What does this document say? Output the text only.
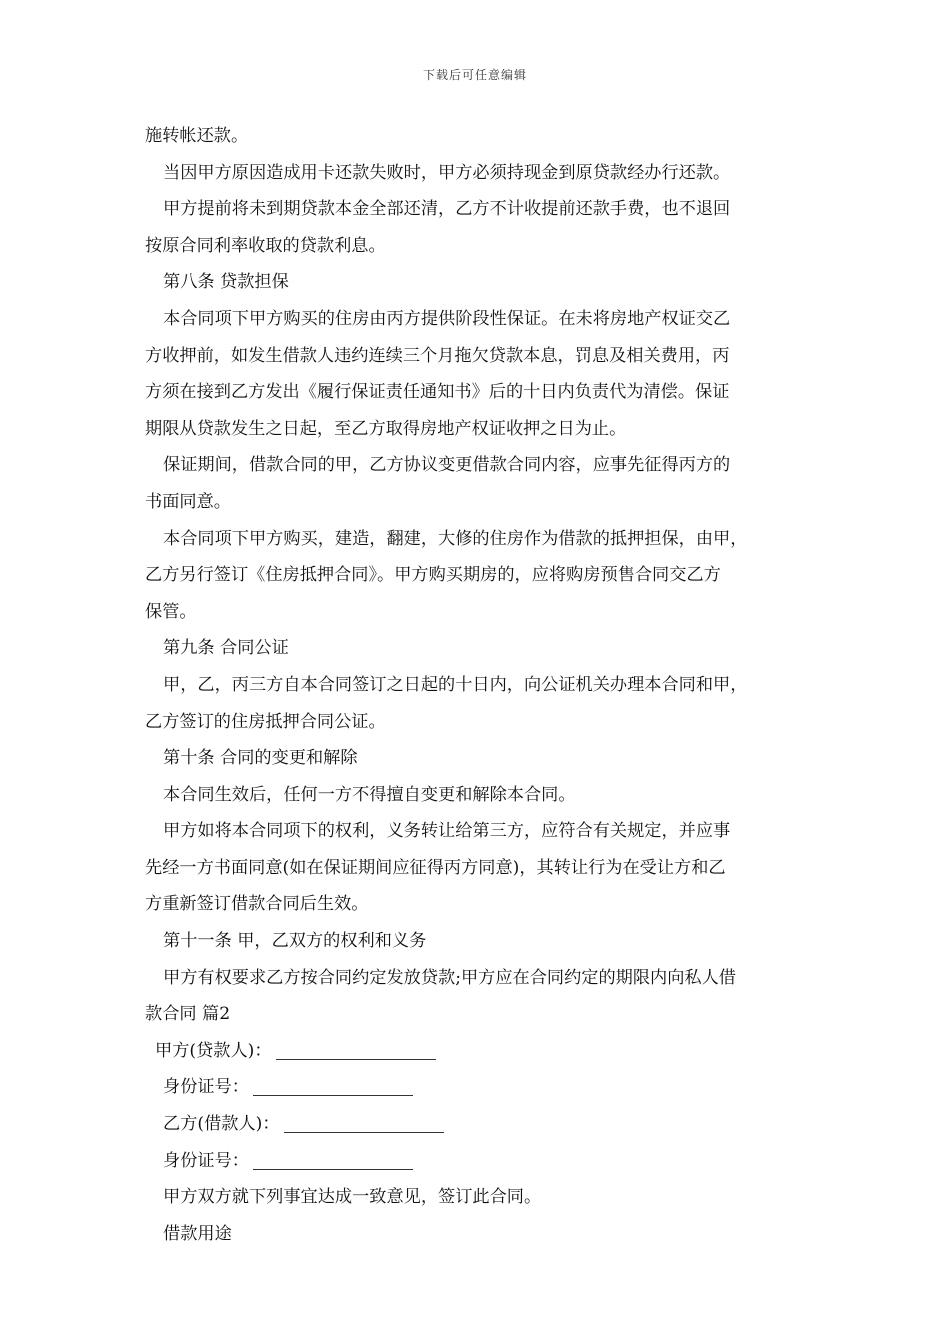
下载后可任意编辑
施转帐还款。
当因甲方原因造成用卡还款失败时，甲方必须持现金到原贷款经办行还款。
甲方提前将未到期贷款本金全部还清，乙方不计收提前还款手费，也不退回
按原合同利率收取的贷款利息。
第八条 贷款担保
本合同项下甲方购买的住房由丙方提供阶段性保证。在未将房地产权证交乙
方收押前，如发生借款人违约连续三个月拖欠贷款本息，罚息及相关费用，丙
方须在接到乙方发出《履行保证责任通知书》后的十日内负责代为清偿。保证
期限从贷款发生之日起，至乙方取得房地产权证收押之日为止。
保证期间，借款合同的甲，乙方协议变更借款合同内容，应事先征得丙方的
书面同意。
本合同项下甲方购买，建造，翻建，大修的住房作为借款的抵押担保，由甲，
乙方另行签订《住房抵押合同》。甲方购买期房的，应将购房预售合同交乙方
保管。
第九条 合同公证
甲，乙，丙三方自本合同签订之日起的十日内，向公证机关办理本合同和甲，
乙方签订的住房抵押合同公证。
第十条 合同的变更和解除
本合同生效后，任何一方不得擅自变更和解除本合同。
甲方如将本合同项下的权利，义务转让给第三方，应符合有关规定，并应事
先经一方书面同意(如在保证期间应征得丙方同意)，其转让行为在受让方和乙
方重新签订借款合同后生效。
第十一条 甲，乙双方的权利和义务
甲方有权要求乙方按合同约定发放贷款;甲方应在合同约定的期限内向私人借
款合同 篇2
甲方(贷款人)：
身份证号：
乙方(借款人)：
身份证号：
甲方双方就下列事宜达成一致意见，签订此合同。
借款用途
